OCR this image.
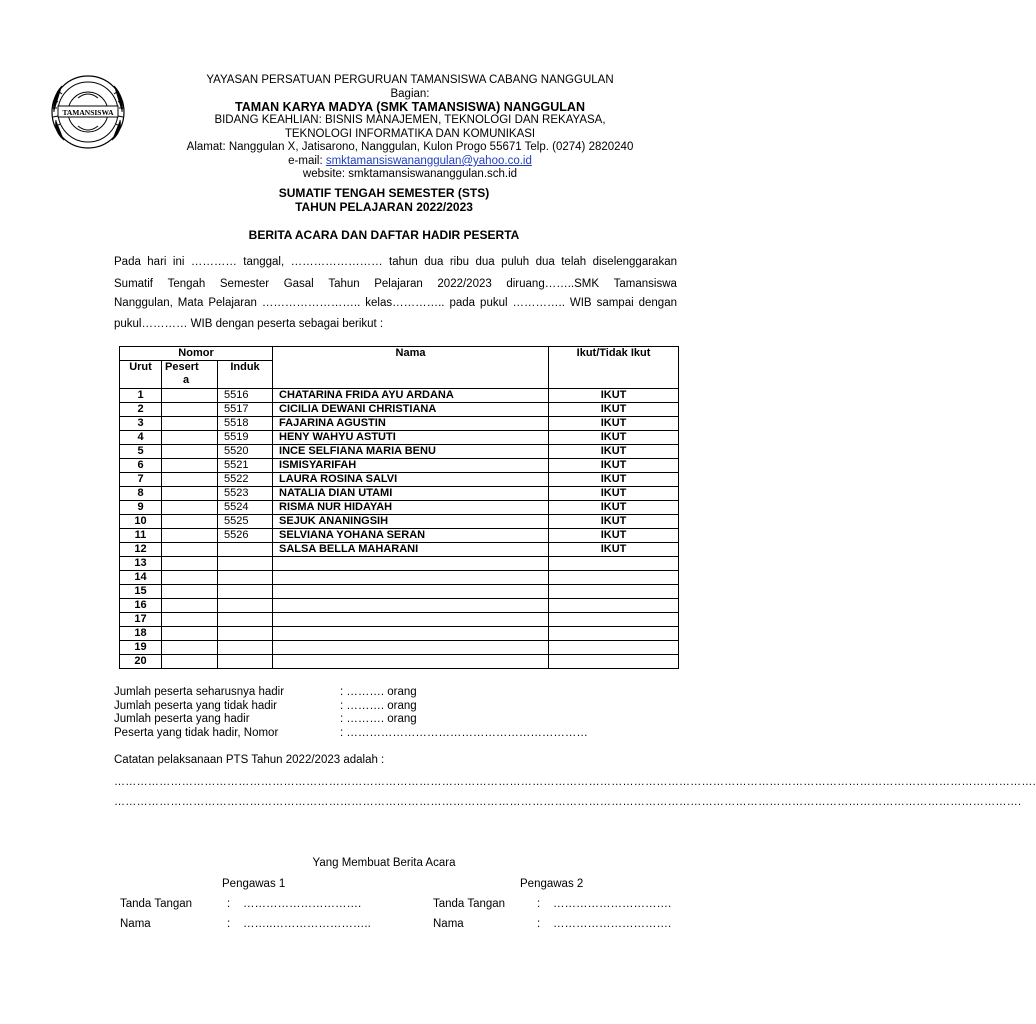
TAMANSISWA
YAYASAN PERSATUAN PERGURUAN TAMANSISWA CABANG NANGGULAN
Bagian:
TAMAN KARYA MADYA (SMK TAMANSISWA) NANGGULAN
BIDANG KEAHLIAN: BISNIS MANAJEMEN, TEKNOLOGI DAN REKAYASA,
TEKNOLOGI INFORMATIKA DAN KOMUNIKASI
Alamat: Nanggulan X, Jatisarono, Nanggulan, Kulon Progo 55671 Telp. (0274) 2820240
e-mail: smktamansiswananggulan@yahoo.co.id
website: smktamansiswananggulan.sch.id
SUMATIF TENGAH SEMESTER (STS)
TAHUN PELAJARAN 2022/2023
BERITA ACARA DAN DAFTAR HADIR PESERTA
Pada hari ini ………… tanggal, …………………… tahun dua ribu dua puluh dua telah diselenggarakan
Sumatif Tengah Semester Gasal Tahun Pelajaran 2022/2023 diruang……..SMK Tamansiswa
Nanggulan, Mata Pelajaran …………………….. kelas………….. pada pukul ………….. WIB sampai dengan
pukul………… WIB dengan peserta sebagai berikut :
Nomor			Nama	Ikut/Tidak Ikut
Urut	Pesert
a	Induk		
1		5516	CHATARINA FRIDA AYU ARDANA	IKUT
2		5517	CICILIA DEWANI CHRISTIANA	IKUT
3		5518	FAJARINA AGUSTIN	IKUT
4		5519	HENY WAHYU ASTUTI	IKUT
5		5520	INCE SELFIANA MARIA BENU	IKUT
6		5521	ISMISYARIFAH	IKUT
7		5522	LAURA ROSINA SALVI	IKUT
8		5523	NATALIA DIAN UTAMI	IKUT
9		5524	RISMA NUR HIDAYAH	IKUT
10		5525	SEJUK ANANINGSIH	IKUT
11		5526	SELVIANA YOHANA SERAN	IKUT
12			SALSA BELLA MAHARANI	IKUT
13				
14				
15				
16				
17				
18				
19				
20				
Jumlah peserta seharusnya hadir	: ………. orang
Jumlah peserta yang tidak hadir	: ………. orang
Jumlah peserta yang hadir	: ………. orang
Peserta yang tidak hadir, Nomor	: ………………………………………………………
Catatan pelaksanaan PTS Tahun 2022/2023 adalah :
…………………………………………………………………………………………………………………………………………………………………………………………………………….………….
…………………………………………………………………………………………………………………………………………………………………………………………………………………….
Yang Membuat Berita Acara
Pengawas 1	Pengawas 2
Tanda Tangan	: ………………………….
Nama	: ……..……………………..
Tanda Tangan	: ………………………….
Nama	: ………………………….
